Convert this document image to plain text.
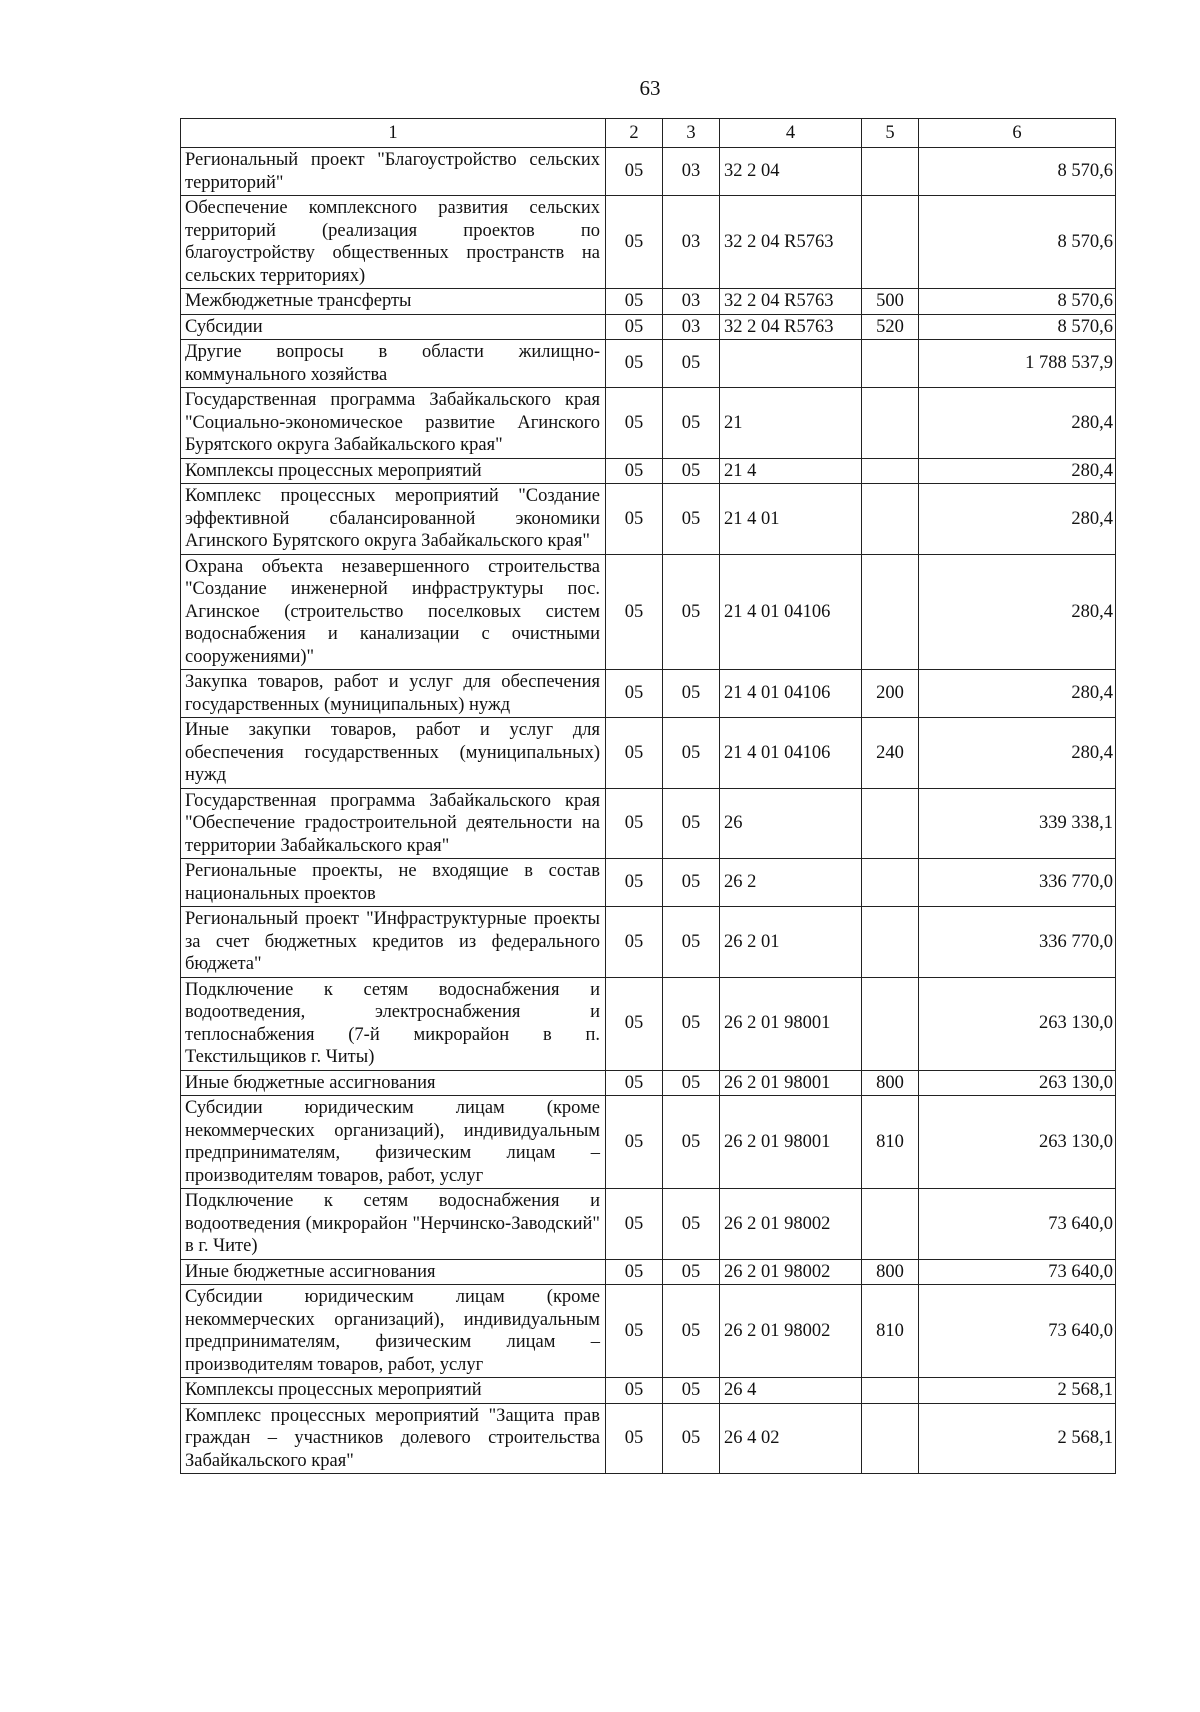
63
1	2	3	4	5	6
Региональный проект "Благоустройство сельских территорий"	05	03	32 2 04		8 570,6
Обеспечение комплексного развития сельских территорий (реализация проектов по благоустройству общественных пространств на сельских территориях)	05	03	32 2 04 R5763		8 570,6
Межбюджетные трансферты	05	03	32 2 04 R5763	500	8 570,6
Субсидии	05	03	32 2 04 R5763	520	8 570,6
Другие вопросы в области жилищно-коммунального хозяйства	05	05			1 788 537,9
Государственная программа Забайкальского края "Социально-экономическое развитие Агинского Бурятского округа Забайкальского края"	05	05	21		280,4
Комплексы процессных мероприятий	05	05	21 4		280,4
Комплекс процессных мероприятий "Создание эффективной сбалансированной экономики Агинского Бурятского округа Забайкальского края"	05	05	21 4 01		280,4
Охрана объекта незавершенного строительства "Создание инженерной инфраструктуры пос. Агинское (строительство поселковых систем водоснабжения и канализации с очистными сооружениями)"	05	05	21 4 01 04106		280,4
Закупка товаров, работ и услуг для обеспечения государственных (муниципальных) нужд	05	05	21 4 01 04106	200	280,4
Иные закупки товаров, работ и услуг для обеспечения государственных (муниципальных) нужд	05	05	21 4 01 04106	240	280,4
Государственная программа Забайкальского края "Обеспечение градостроительной деятельности на территории Забайкальского края"	05	05	26		339 338,1
Региональные проекты, не входящие в состав национальных проектов	05	05	26 2		336 770,0
Региональный проект "Инфраструктурные проекты за счет бюджетных кредитов из федерального бюджета"	05	05	26 2 01		336 770,0
Подключение к сетям водоснабжения и водоотведения, электроснабжения и теплоснабжения (7-й микрорайон в п. Текстильщиков г. Читы)	05	05	26 2 01 98001		263 130,0
Иные бюджетные ассигнования	05	05	26 2 01 98001	800	263 130,0
Субсидии юридическим лицам (кроме некоммерческих организаций), индивидуальным предпринимателям, физическим лицам – производителям товаров, работ, услуг	05	05	26 2 01 98001	810	263 130,0
Подключение к сетям водоснабжения и водоотведения (микрорайон "Нерчинско-Заводский" в г. Чите)	05	05	26 2 01 98002		73 640,0
Иные бюджетные ассигнования	05	05	26 2 01 98002	800	73 640,0
Субсидии юридическим лицам (кроме некоммерческих организаций), индивидуальным предпринимателям, физическим лицам – производителям товаров, работ, услуг	05	05	26 2 01 98002	810	73 640,0
Комплексы процессных мероприятий	05	05	26 4		2 568,1
Комплекс процессных мероприятий "Защита прав граждан – участников долевого строительства Забайкальского края"	05	05	26 4 02		2 568,1
